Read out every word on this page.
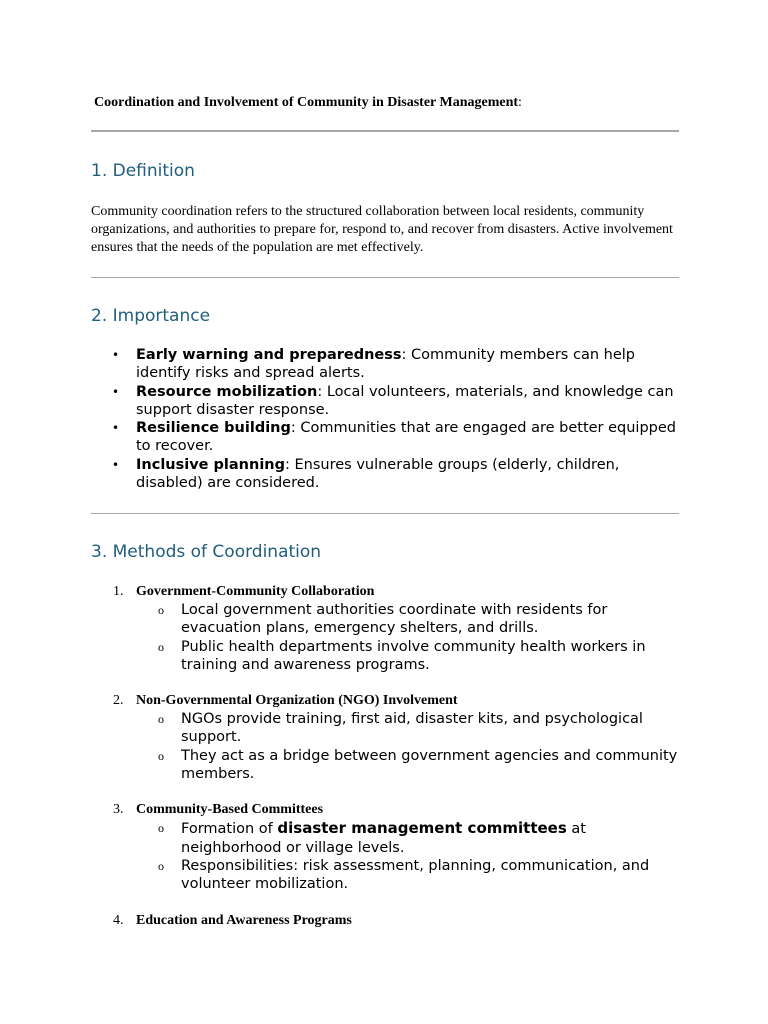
Coordination and Involvement of Community in Disaster Management:
1. Definition

Community coordination refers to the structured collaboration between local residents, community organizations, and authorities to prepare for, respond to, and recover from disasters. Active involvement ensures that the needs of the population are met effectively.

2. Importance
• Early warning and preparedness: Community members can help identify risks and spread alerts.
• Resource mobilization: Local volunteers, materials, and knowledge can support disaster response.
• Resilience building: Communities that are engaged are better equipped to recover.
• Inclusive planning: Ensures vulnerable groups (elderly, children, disabled) are considered.
3. Methods of Coordination
1. Government-Community Collaboration
o Local government authorities coordinate with residents for evacuation plans, emergency shelters, and drills.
o Public health departments involve community health workers in training and awareness programs.
2. Non-Governmental Organization (NGO) Involvement
o NGOs provide training, first aid, disaster kits, and psychological support.
o They act as a bridge between government agencies and community members.
3. Community-Based Committees
o Formation of disaster management committees at neighborhood or village levels.
o Responsibilities: risk assessment, planning, communication, and volunteer mobilization.
4. Education and Awareness Programs
